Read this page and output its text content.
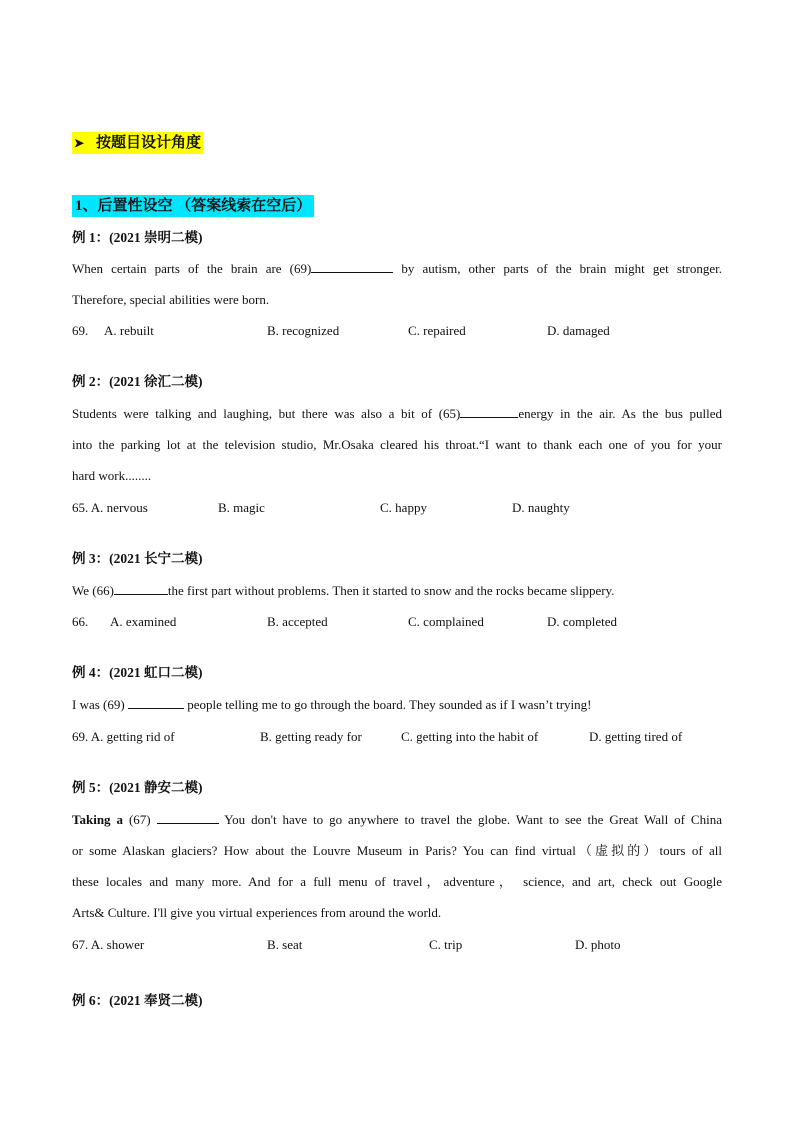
➤ 按题目设计角度
1、后置性设空 （答案线索在空后）
例 1：(2021 崇明二模)
When certain parts of the brain are (69)	by autism, other parts of the brain might get stronger.
Therefore, special abilities were born.
69. A. rebuilt	B. recognized	C. repaired	D. damaged
例 2：(2021 徐汇二模)
Students were talking and laughing, but there was also a bit of (65)	energy in the air. As the bus pulled
into the parking lot at the television studio, Mr.Osaka cleared his throat.“I want to thank each one of you for your
hard work........
65. A. nervous	B. magic	C. happy	D. naughty
例 3：(2021 长宁二模)
We (66)	the first part without problems. Then it started to snow and the rocks became slippery.
66. A. examined	B. accepted	C. complained	D. completed
例 4：(2021 虹口二模)
I was (69)	people telling me to go through the board. They sounded as if I wasn’t trying!
69. A. getting rid of	B. getting ready for	C. getting into the habit of	D. getting tired of
例 5：(2021 静安二模)
Taking a (67)	You don't have to go anywhere to travel the globe. Want to see the Great Wall of China
or some Alaskan glaciers? How about the Louvre Museum in Paris? You can find virtual（虚拟的）tours of all
these locales and many more. And for a full menu of travel，adventure， science, and art, check out Google
Arts& Culture. I'll give you virtual experiences from around the world.
67. A. shower	B. seat	C. trip	D. photo
例 6：(2021 奉贤二模)
